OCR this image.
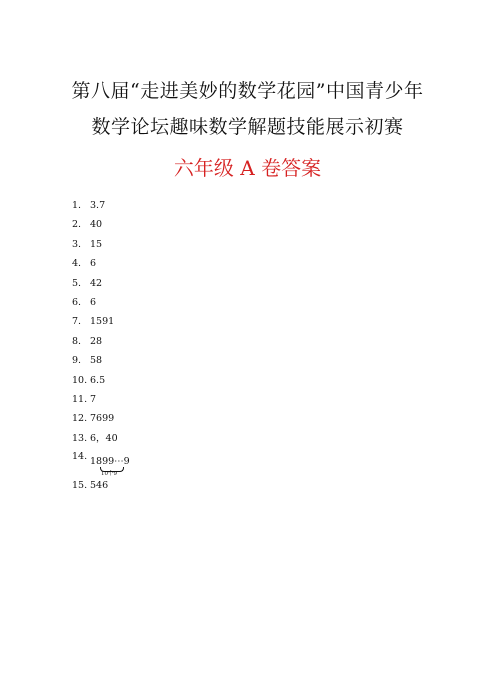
第八届“走进美妙的数学花园”中国青少年
数学论坛趣味数学解题技能展示初赛
六年级 A 卷答案
1. 3.7
2. 40
3. 15
4. 6
5. 42
6. 6
7. 1591
8. 28
9. 58
10. 6.5
11. 7
12. 7699
13. 6，40
14. 1899⋯9
10个9
15. 546
